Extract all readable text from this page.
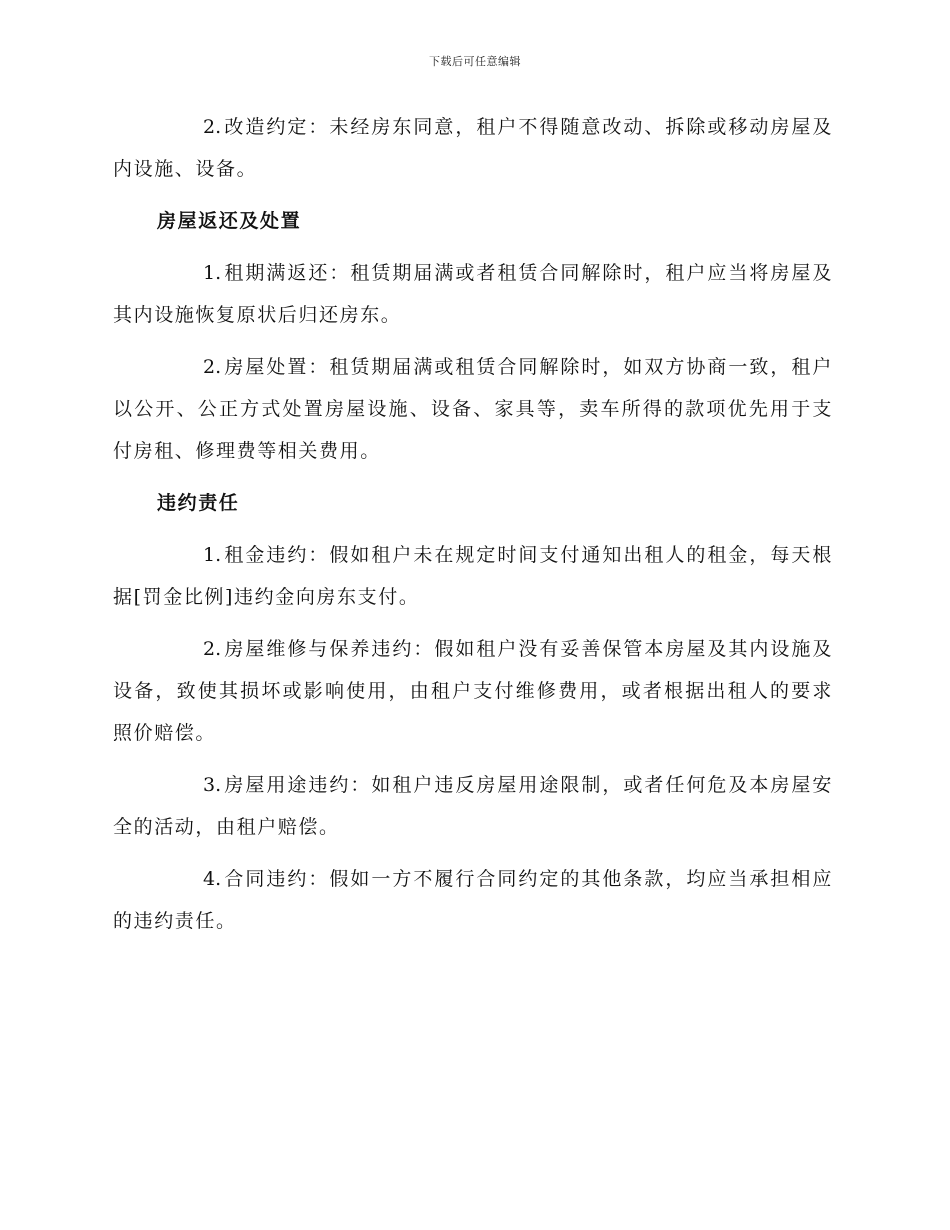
下载后可任意编辑

2. 改造约定：未经房东同意，租户不得随意改动、拆除或移动房屋及内设施、设备。

房屋返还及处置

1. 租期满返还：租赁期届满或者租赁合同解除时，租户应当将房屋及其内设施恢复原状后归还房东。

2. 房屋处置：租赁期届满或租赁合同解除时，如双方协商一致，租户以公开、公正方式处置房屋设施、设备、家具等，卖车所得的款项优先用于支付房租、修理费等相关费用。

违约责任

1. 租金违约：假如租户未在规定时间支付通知出租人的租金，每天根据[罚金比例]违约金向房东支付。

2. 房屋维修与保养违约：假如租户没有妥善保管本房屋及其内设施及设备，致使其损坏或影响使用，由租户支付维修费用，或者根据出租人的要求照价赔偿。

3. 房屋用途违约：如租户违反房屋用途限制，或者任何危及本房屋安全的活动，由租户赔偿。

4. 合同违约：假如一方不履行合同约定的其他条款，均应当承担相应的违约责任。
